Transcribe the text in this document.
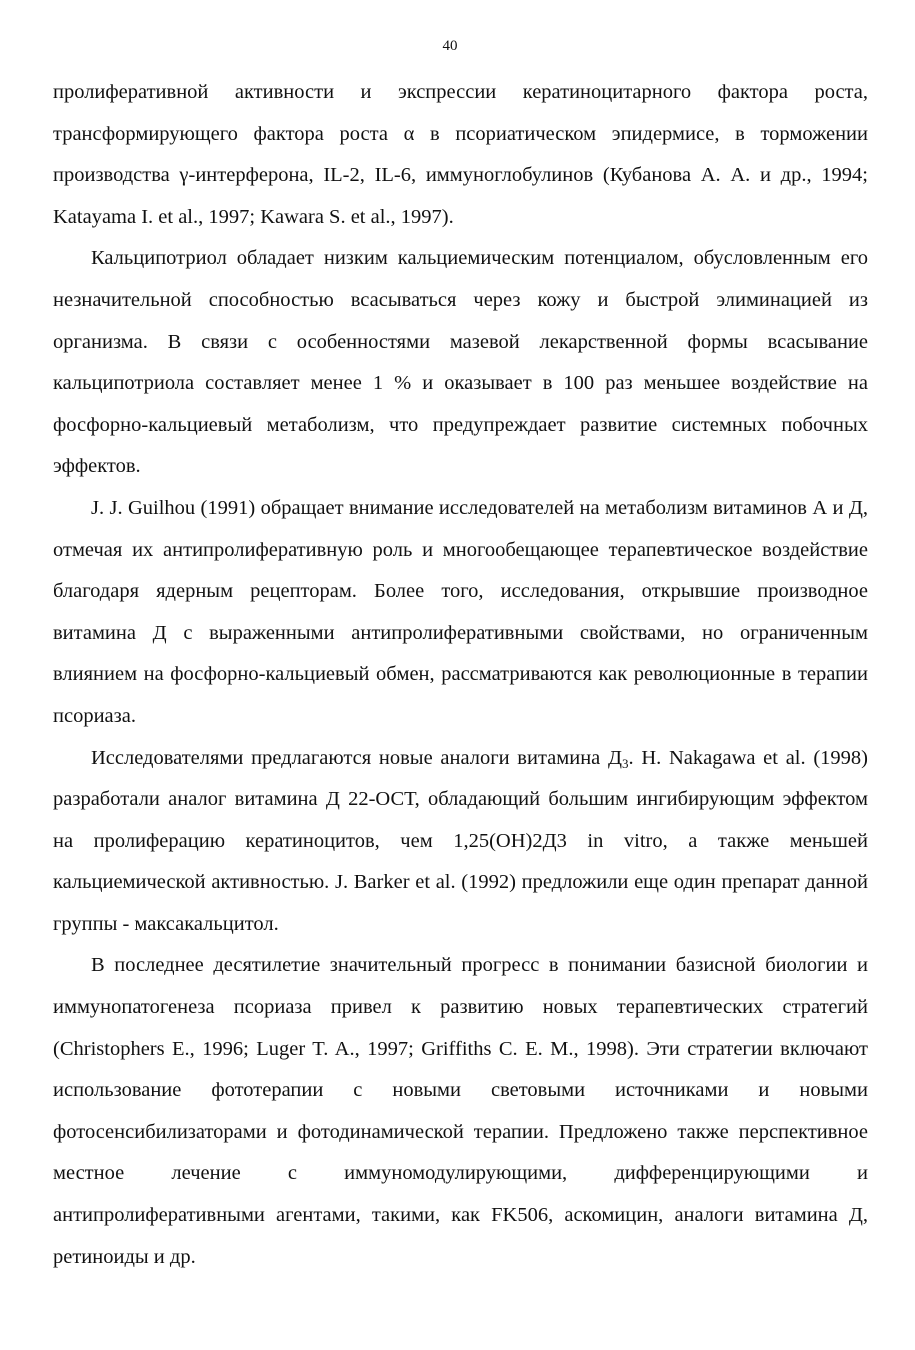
40

пролиферативной активности и экспрессии кератиноцитарного фактора роста, трансформирующего фактора роста α в псориатическом эпидермисе, в торможении производства γ-интерферона, IL-2, IL-6, иммуноглобулинов (Кубанова А. А. и др., 1994; Katayama I. et al., 1997; Kawara S. et al., 1997).

Кальципотриол обладает низким кальциемическим потенциалом, обусловленным его незначительной способностью всасываться через кожу и быстрой элиминацией из организма. В связи с особенностями мазевой лекарственной формы всасывание кальципотриола составляет менее 1 % и оказывает в 100 раз меньшее воздействие на фосфорно-кальциевый метаболизм, что предупреждает развитие системных побочных эффектов.

J. J. Guilhou (1991) обращает внимание исследователей на метаболизм витаминов А и Д, отмечая их антипролиферативную роль и многообещающее терапевтическое воздействие благодаря ядерным рецепторам. Более того, исследования, открывшие производное витамина Д с выраженными антипролиферативными свойствами, но ограниченным влиянием на фосфорно-кальциевый обмен, рассматриваются как революционные в терапии псориаза.

Исследователями предлагаются новые аналоги витамина $Д_3$. H. Nakagawa et al. (1998) разработали аналог витамина Д 22-ОСТ, обладающий большим ингибирующим эффектом на пролиферацию кератиноцитов, чем 1,25(OH)2Д3 in vitro, а также меньшей кальциемической активностью. J. Barker et al. (1992) предложили еще один препарат данной группы - максакальцитол.

В последнее десятилетие значительный прогресс в понимании базисной биологии и иммунопатогенеза псориаза привел к развитию новых терапевтических стратегий (Christophers E., 1996; Luger T. A., 1997; Griffiths C. E. M., 1998). Эти стратегии включают использование фототерапии с новыми световыми источниками и новыми фотосенсибилизаторами и фотодинамической терапии. Предложено также перспективное местное лечение с иммуномодулирующими, дифференцирующими и антипролиферативными агентами, такими, как FK506, аскомицин, аналоги витамина Д, ретиноиды и др.
